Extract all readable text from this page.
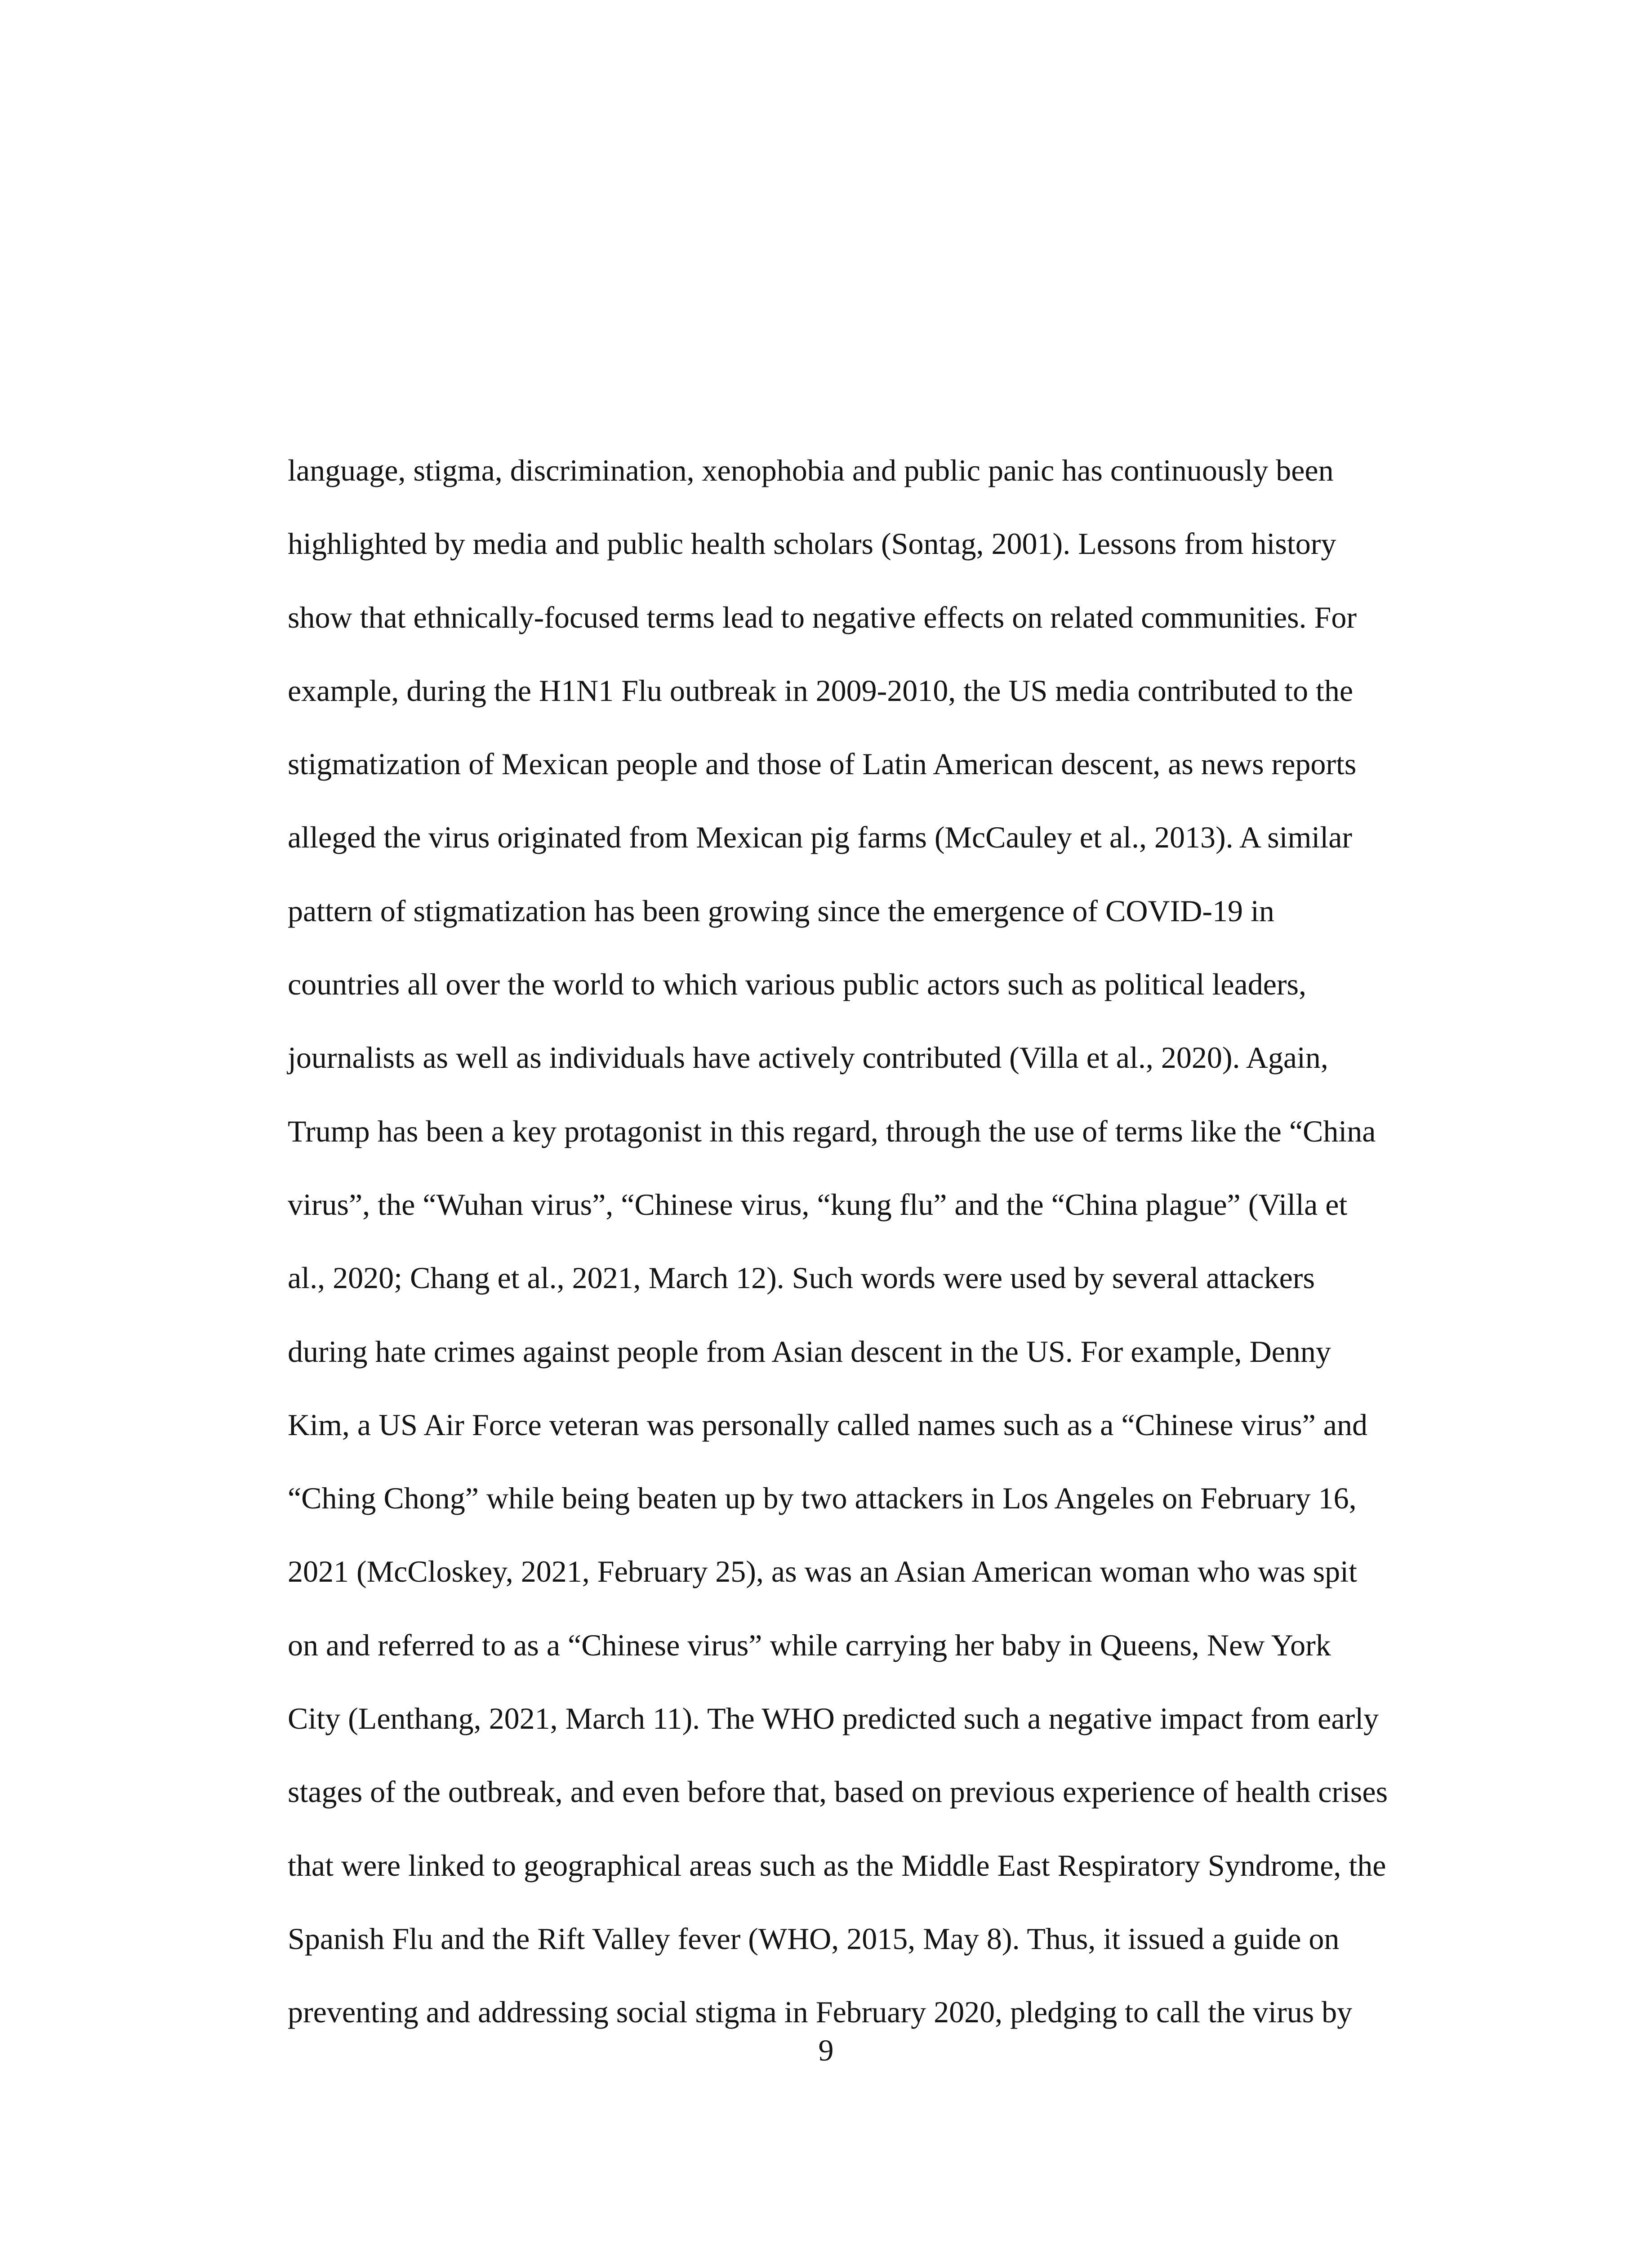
language, stigma, discrimination, xenophobia and public panic has continuously been
highlighted by media and public health scholars (Sontag, 2001). Lessons from history
show that ethnically-focused terms lead to negative effects on related communities. For
example, during the H1N1 Flu outbreak in 2009-2010, the US media contributed to the
stigmatization of Mexican people and those of Latin American descent, as news reports
alleged the virus originated from Mexican pig farms (McCauley et al., 2013). A similar
pattern of stigmatization has been growing since the emergence of COVID-19 in
countries all over the world to which various public actors such as political leaders,
journalists as well as individuals have actively contributed (Villa et al., 2020). Again,
Trump has been a key protagonist in this regard, through the use of terms like the “China
virus”, the “Wuhan virus”, “Chinese virus, “kung flu” and the “China plague” (Villa et
al., 2020; Chang et al., 2021, March 12). Such words were used by several attackers
during hate crimes against people from Asian descent in the US. For example, Denny
Kim, a US Air Force veteran was personally called names such as a “Chinese virus” and
“Ching Chong” while being beaten up by two attackers in Los Angeles on February 16,
2021 (McCloskey, 2021, February 25), as was an Asian American woman who was spit
on and referred to as a “Chinese virus” while carrying her baby in Queens, New York
City (Lenthang, 2021, March 11). The WHO predicted such a negative impact from early
stages of the outbreak, and even before that, based on previous experience of health crises
that were linked to geographical areas such as the Middle East Respiratory Syndrome, the
Spanish Flu and the Rift Valley fever (WHO, 2015, May 8). Thus, it issued a guide on
preventing and addressing social stigma in February 2020, pledging to call the virus by
9
